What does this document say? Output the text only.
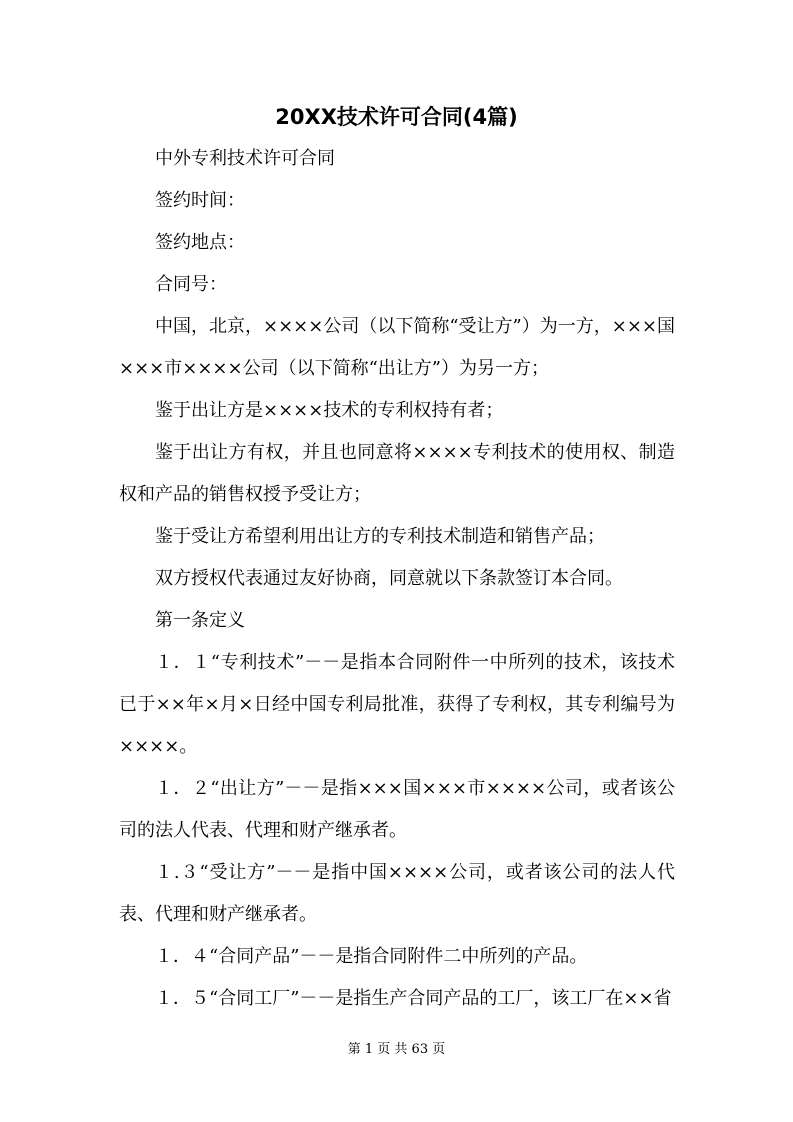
20XX技术许可合同(4篇)

中外专利技术许可合同

签约时间：

签约地点：

合同号：

中国，北京，××××公司（以下简称“受让方”）为一方，×××国×××市××××公司（以下简称“出让方”）为另一方；

鉴于出让方是××××技术的专利权持有者；

鉴于出让方有权，并且也同意将××××专利技术的使用权、制造权和产品的销售权授予受让方；

鉴于受让方希望利用出让方的专利技术制造和销售产品；

双方授权代表通过友好协商，同意就以下条款签订本合同。

第一条定义

１．１“专利技术”－－是指本合同附件一中所列的技术，该技术已于××年×月×日经中国专利局批准，获得了专利权，其专利编号为××××。

１．２“出让方”－－是指×××国×××市××××公司，或者该公司的法人代表、代理和财产继承者。

１.３“受让方”－－是指中国××××公司，或者该公司的法人代表、代理和财产继承者。

１．４“合同产品”－－是指合同附件二中所列的产品。

１．５“合同工厂”－－是指生产合同产品的工厂，该工厂在××省

第 1 页 共 63 页
